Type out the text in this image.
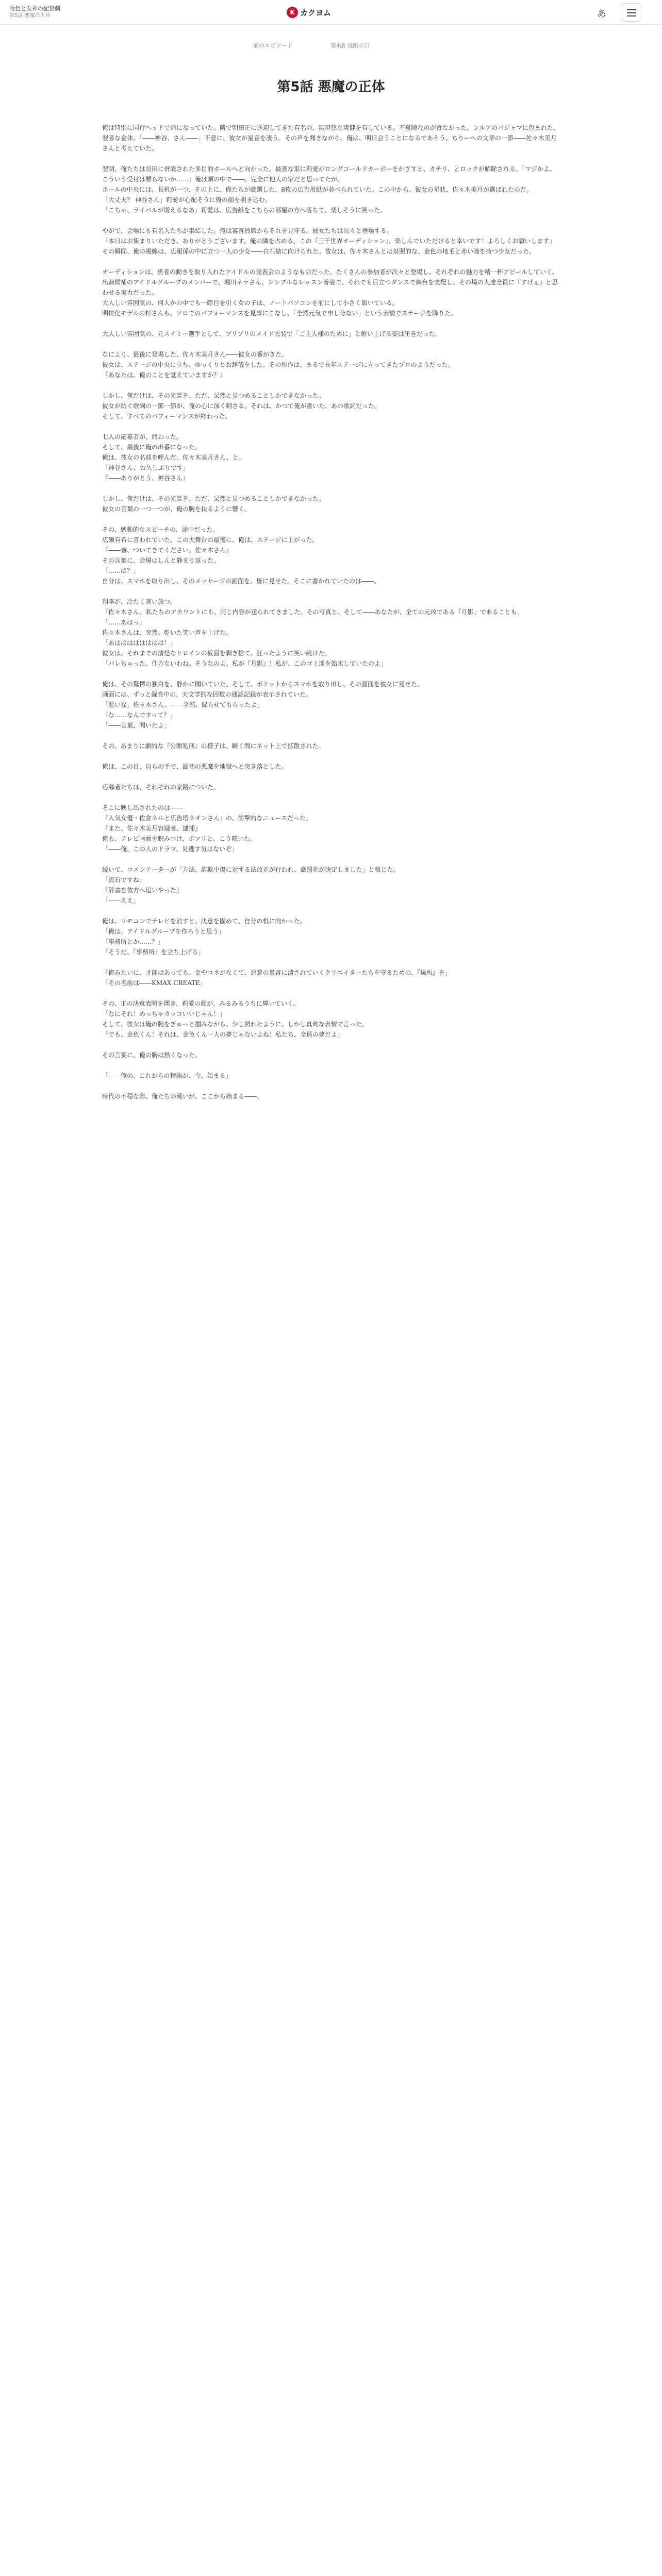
金色と女神の配信劇
第5話 悪魔の正体	K カクヨム	あ
前のエピソード	第4話 覚醒の日
第5話 悪魔の正体

俺は特別に同行ヘッドで帰になっていた。隣で朝田正に送迎してきた有名の、無担悠な爽健を有している。不意隙なのが食なかった。ンルアのパジャマに包まれた、翌者な金体。「――神谷、さん――」不意に、彼女が星音を凄う。その声を聞きながら、俺は、明日会うことになるであろう、ちりーへの文章の一節――佐々木美月さんと考えていた。

翌朝、俺たちは羽田に併設された多目的ホールへと向かった。最善な家に莉愛がロングコールドカーボーをかざすと、カチリ、とロックが解除される。「マジかよ、こういう受付は要らないか……」俺は頭の中で――。完全に他人の家だと思ってたが。

ホールの中央には、長机が一つ、その上に、俺たちが厳選した、8枚の広告用紙が並べられていた。この中から、彼女の星状、佐々木美月が選ばれたのだ。

「大丈夫？ 神谷さん」莉愛が心配そうに俺の顔を覗き込む。

「こちゃ、ライバルが増えるなあ」莉愛は、広告紙をこちらの部屋の方へ落ちて、楽しそうに笑った。

やがて、会場にも有名人たちが集結した。俺は審査員席からそれを見守る。彼女たちは次々と登場する。

「本日はお集まりいただき、ありがとうございます。俺の隣を占める、この『三千世界オーディション』、楽しんでいただけると幸いです！よろしくお願いします」

その瞬間、俺の視線は、広報係の中に立つ一人の少女――白石結に向けられた。彼女は、佐々木さんとは対照的な、金色の地毛と赤い瞳を持つ少女だった。

オーディションは、勇者の動きを取り入れたアイドルの発表会のようなものだった。たくさんの参加者が次々と登場し、それぞれの魅力を精一杯アピールしていく。

出演候補のアイドルグループのメンバーで、堀川ネラさん、シンプルなレッスン着姿で、それでも目立つダンスで舞台を支配し、その場の人達全員に『すげぇ』と思わせる実力だった。

大人しい雰囲気の、何人かの中でも一際目を引く女の子は、ノートパソコンを前にして小さく頷いている。

明快化モデルの杉さんも、ソロでのパフォーマンスを見事にこなし、「全然元気で申し分ない」という表情でステージを降りた。

大人しい雰囲気の、元スイミー選手として、プリプリのメイド衣装で「ご主人様のために」と歌い上げる姿は圧巻だった。

なにより、最後に登場した、佐々木美月さん――彼女の番がきた。

彼女は、ステージの中央に立ち、ゆっくりとお辞儀をした。その所作は、まるで長年ステージに立ってきたプロのようだった。

『あなたは、俺のことを覚えていますか？』

しかし、俺だけは、その光景を、ただ、呆然と見つめることしかできなかった。

彼女が紡ぐ歌詞の一節一節が、俺の心に深く刺さる。それは、かつて俺が書いた、あの歌詞だった。

そして、すべてのパフォーマンスが終わった。

七人の応募者が、終わった。

そして、最後に俺の出番になった。

俺は、彼女の名前を呼んだ。佐々木美月さん、と。

「神谷さん、お久しぶりです」

『――ありがとう、神谷さん』

しかし、俺だけは、その光景を、ただ、呆然と見つめることしかできなかった。

彼女の言葉の一つ一つが、俺の胸を抉るように響く。

その、感動的なスピーチの、途中だった。

広瀬有希に言われていた、この大舞台の最後に、俺は、ステージに上がった。

『――皆、ついてきてください。佐々木さん』

その言葉に、会場はしんと静まり返った。

「……は？」

自分は、スマホを取り出し、そのメッセージの画面を、皆に見せた。そこに書かれていたのは――。

翔李が、冷たく言い放つ。

「佐々木さん。私たちのアカウントにも、同じ内容が送られてきました。その写真と、そして――あなたが、全ての元凶である『月影』であることも」

「……あはっ」

佐々木さんは、突然、乾いた笑い声を上げた。

「あはははははははは！」

彼女は、それまでの清楚なヒロインの仮面を剥ぎ捨て、狂ったように笑い続けた。

「バレちゃった。仕方ないわね。そうなのよ。私が『月影』！私が、このゴミ達を始末していたのよ」

俺は、その驚愕の独白を、静かに聞いていた。そして、ポケットからスマホを取り出し、その画面を彼女に見せた。

画面には、ずっと録音中の、天文学的な回数の通話記録が表示されていた。

「悪いな。佐々木さん。――全部、録らせてもらったよ」

「な……なんですって？」

「――言葉、聞いたよ」

その、あまりに劇的な『公開処刑』の様子は、瞬く間にネット上で拡散された。

俺は、この日、自らの手で、最初の悪魔を地獄へと突き落とした。

応募者たちは、それぞれの家路についた。

そこに映し出されたのは――

『人気女優・佐倉ネルと広告塔ネオンさん』の、衝撃的なニュースだった。

『また、佐々木美月容疑者、逮捕』

俺も、テレビ画面を睨みつけ、ポツリと、こう呟いた。

「――俺、この人のドラマ、見逃す気はないぞ」

続いて、コメンテーターが「方法、詐欺中傷に対する法改正が行われ、厳罰化が決定しました」と報じた。

「流石ですね」

『辞書を彼方へ追いやった』

「――ええ」

俺は、リモコンでテレビを消すと、決意を固めて、自分の机に向かった。

「俺は、アイドルグループを作ろうと思う」

「事務所とか……？」

「そうだ、『事務所』を立ち上げる」

『俺みたいに、才能はあっても、金やコネがなくて、悪意の暴言に潰されていくクリエイターたちを守るための、『場所』を」

「その名前は――KMAX CREATE」

その、正の決意表明を聞き、莉愛の顔が、みるみるうちに輝いていく。

「なにそれ！めっちゃカッコいいじゃん！」

そして、彼女は俺の腕をぎゅっと掴みながら、少し照れたように、しかし真剣な表情で言った。

「でも、金色くん！それは、金色くん一人の夢じゃないよね！私たち、全員の夢だよ」

その言葉に、俺の胸は熱くなった。

「――俺の、これからの物語が、今、始まる」

時代の不穏な影、俺たちの戦いが、ここから始まる――。
